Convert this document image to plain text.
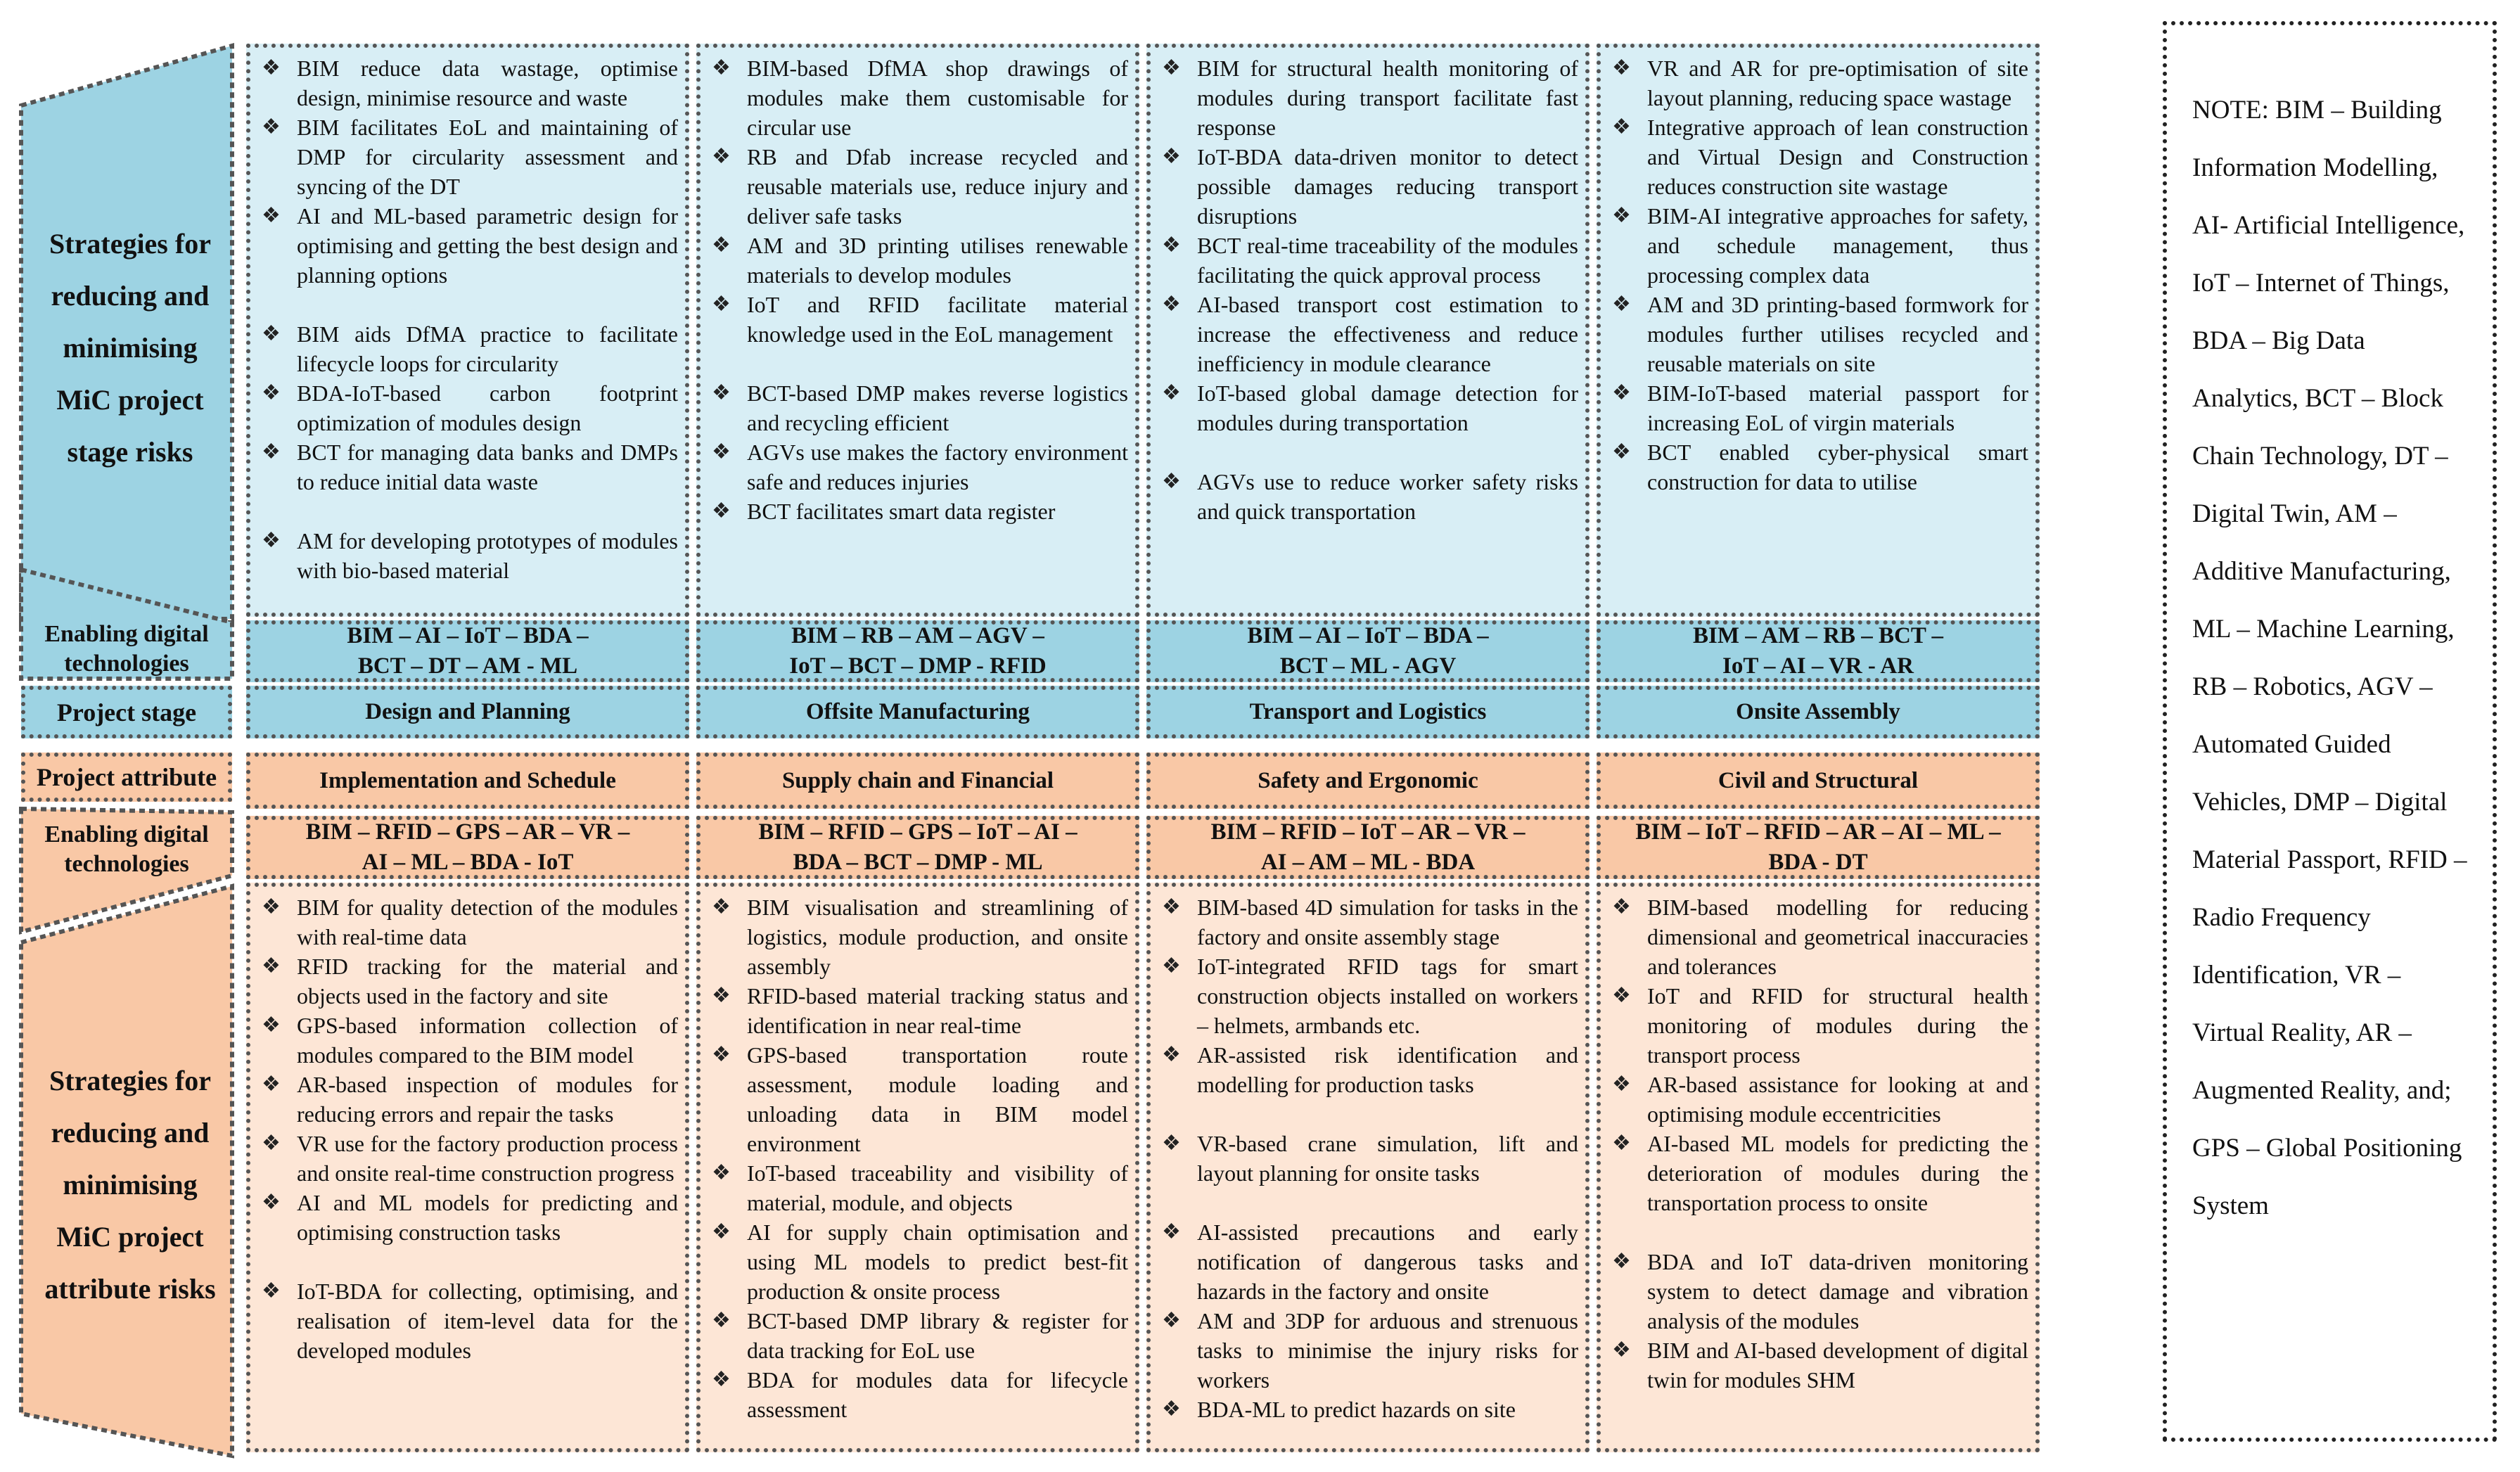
Strategies for
reducing and
minimising
MiC project
stage risks
Enabling digital
technologies
Project stage
Project attribute
Enabling digital
technologies
Strategies for
reducing and
minimising
MiC project
attribute risks
❖ BIM reduce data wastage, optimise design, minimise resource and waste
❖ BIM facilitates EoL and maintaining of DMP for circularity assessment and syncing of the DT
❖ AI and ML-based parametric design for optimising and getting the best design and planning options
❖ BIM aids DfMA practice to facilitate lifecycle loops for circularity
❖ BDA-IoT-based carbon footprint optimization of modules design
❖ BCT for managing data banks and DMPs to reduce initial data waste
❖ AM for developing prototypes of modules with bio-based material
BIM – AI – IoT – BDA –
BCT – DT – AM - ML
Design and Planning
❖ BIM-based DfMA shop drawings of modules make them customisable for circular use
❖ RB and Dfab increase recycled and reusable materials use, reduce injury and deliver safe tasks
❖ AM and 3D printing utilises renewable materials to develop modules
❖ IoT and RFID facilitate material knowledge used in the EoL management
❖ BCT-based DMP makes reverse logistics and recycling efficient
❖ AGVs use makes the factory environment safe and reduces injuries
❖ BCT facilitates smart data register
BIM – RB – AM – AGV –
IoT – BCT – DMP - RFID
Offsite Manufacturing
❖ BIM for structural health monitoring of modules during transport facilitate fast response
❖ IoT-BDA data-driven monitor to detect possible damages reducing transport disruptions
❖ BCT real-time traceability of the modules facilitating the quick approval process
❖ AI-based transport cost estimation to increase the effectiveness and reduce inefficiency in module clearance
❖ IoT-based global damage detection for modules during transportation
❖ AGVs use to reduce worker safety risks and quick transportation
BIM – AI – IoT – BDA –
BCT – ML - AGV
Transport and Logistics
❖ VR and AR for pre-optimisation of site layout planning, reducing space wastage
❖ Integrative approach of lean construction and Virtual Design and Construction reduces construction site wastage
❖ BIM-AI integrative approaches for safety, and schedule management, thus processing complex data
❖ AM and 3D printing-based formwork for modules further utilises recycled and reusable materials on site
❖ BIM-IoT-based material passport for increasing EoL of virgin materials
❖ BCT enabled cyber-physical smart construction for data to utilise
BIM – AM – RB – BCT –
IoT – AI – VR - AR
Onsite Assembly
Implementation and Schedule
BIM – RFID – GPS – AR – VR –
AI – ML – BDA - IoT
❖ BIM for quality detection of the modules with real-time data
❖ RFID tracking for the material and objects used in the factory and site
❖ GPS-based information collection of modules compared to the BIM model
❖ AR-based inspection of modules for reducing errors and repair the tasks
❖ VR use for the factory production process and onsite real-time construction progress
❖ AI and ML models for predicting and optimising construction tasks
❖ IoT-BDA for collecting, optimising, and realisation of item-level data for the developed modules
Supply chain and Financial
BIM – RFID – GPS – IoT – AI –
BDA – BCT – DMP - ML
❖ BIM visualisation and streamlining of logistics, module production, and onsite assembly
❖ RFID-based material tracking status and identification in near real-time
❖ GPS-based transportation route assessment, module loading and unloading data in BIM model environment
❖ IoT-based traceability and visibility of material, module, and objects
❖ AI for supply chain optimisation and using ML models to predict best-fit production & onsite process
❖ BCT-based DMP library & register for data tracking for EoL use
❖ BDA for modules data for lifecycle assessment
Safety and Ergonomic
BIM – RFID – IoT – AR – VR –
AI – AM – ML - BDA
❖ BIM-based 4D simulation for tasks in the factory and onsite assembly stage
❖ IoT-integrated RFID tags for smart construction objects installed on workers – helmets, armbands etc.
❖ AR-assisted risk identification and modelling for production tasks
❖ VR-based crane simulation, lift and layout planning for onsite tasks
❖ AI-assisted precautions and early notification of dangerous tasks and hazards in the factory and onsite
❖ AM and 3DP for arduous and strenuous tasks to minimise the injury risks for workers
❖ BDA-ML to predict hazards on site
Civil and Structural
BIM – IoT – RFID – AR – AI – ML –
BDA - DT
❖ BIM-based modelling for reducing dimensional and geometrical inaccuracies and tolerances
❖ IoT and RFID for structural health monitoring of modules during the transport process
❖ AR-based assistance for looking at and optimising module eccentricities
❖ AI-based ML models for predicting the deterioration of modules during the transportation process to onsite
❖ BDA and IoT data-driven monitoring system to detect damage and vibration analysis of the modules
❖ BIM and AI-based development of digital twin for modules SHM
NOTE: BIM – Building Information Modelling, AI- Artificial Intelligence, IoT – Internet of Things, BDA – Big Data Analytics, BCT – Block Chain Technology, DT – Digital Twin, AM – Additive Manufacturing, ML – Machine Learning, RB – Robotics, AGV – Automated Guided Vehicles, DMP – Digital Material Passport, RFID – Radio Frequency Identification, VR – Virtual Reality, AR – Augmented Reality, and; GPS – Global Positioning System
